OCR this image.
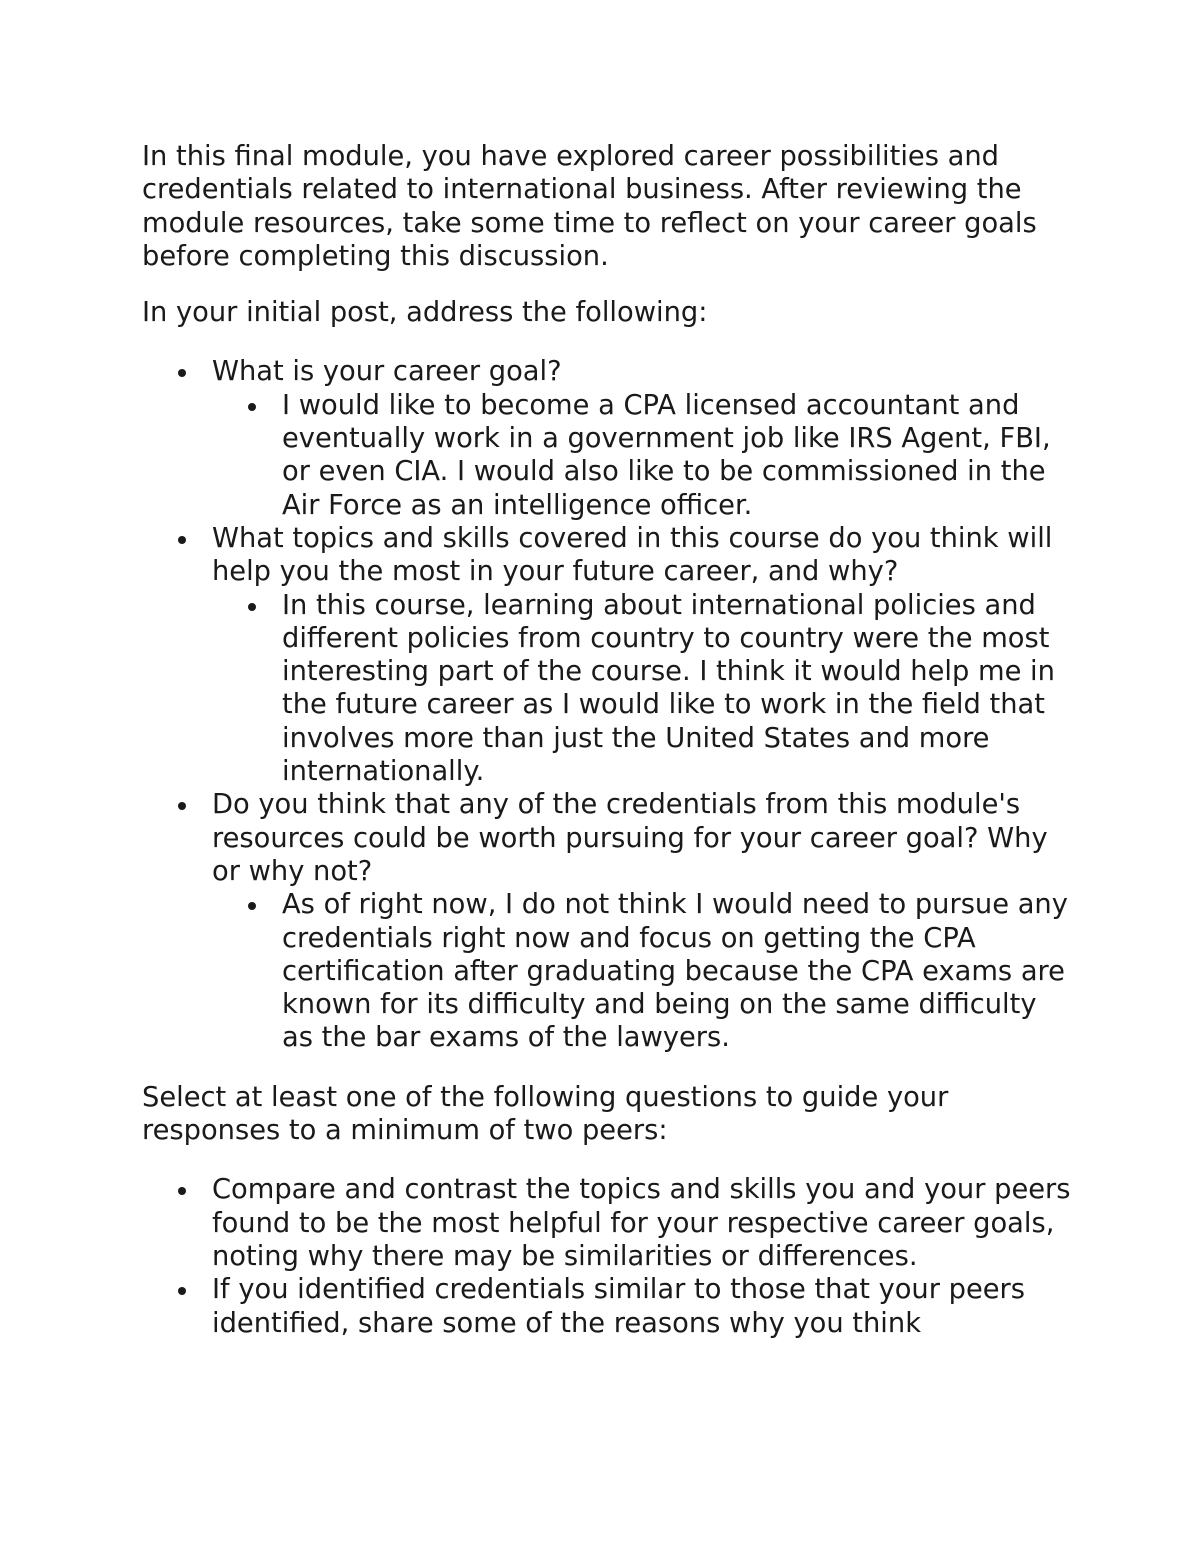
In this final module, you have explored career possibilities and credentials related to international business. After reviewing the module resources, take some time to reflect on your career goals before completing this discussion.

In your initial post, address the following:

What is your career goal?
I would like to become a CPA licensed accountant and eventually work in a government job like IRS Agent, FBI, or even CIA. I would also like to be commissioned in the Air Force as an intelligence officer.
What topics and skills covered in this course do you think will help you the most in your future career, and why?
In this course, learning about international policies and different policies from country to country were the most interesting part of the course. I think it would help me in the future career as I would like to work in the field that involves more than just the United States and more internationally.
Do you think that any of the credentials from this module's resources could be worth pursuing for your career goal? Why or why not?
As of right now, I do not think I would need to pursue any credentials right now and focus on getting the CPA certification after graduating because the CPA exams are known for its difficulty and being on the same difficulty as the bar exams of the lawyers.

Select at least one of the following questions to guide your responses to a minimum of two peers:

Compare and contrast the topics and skills you and your peers found to be the most helpful for your respective career goals, noting why there may be similarities or differences.
If you identified credentials similar to those that your peers identified, share some of the reasons why you think
